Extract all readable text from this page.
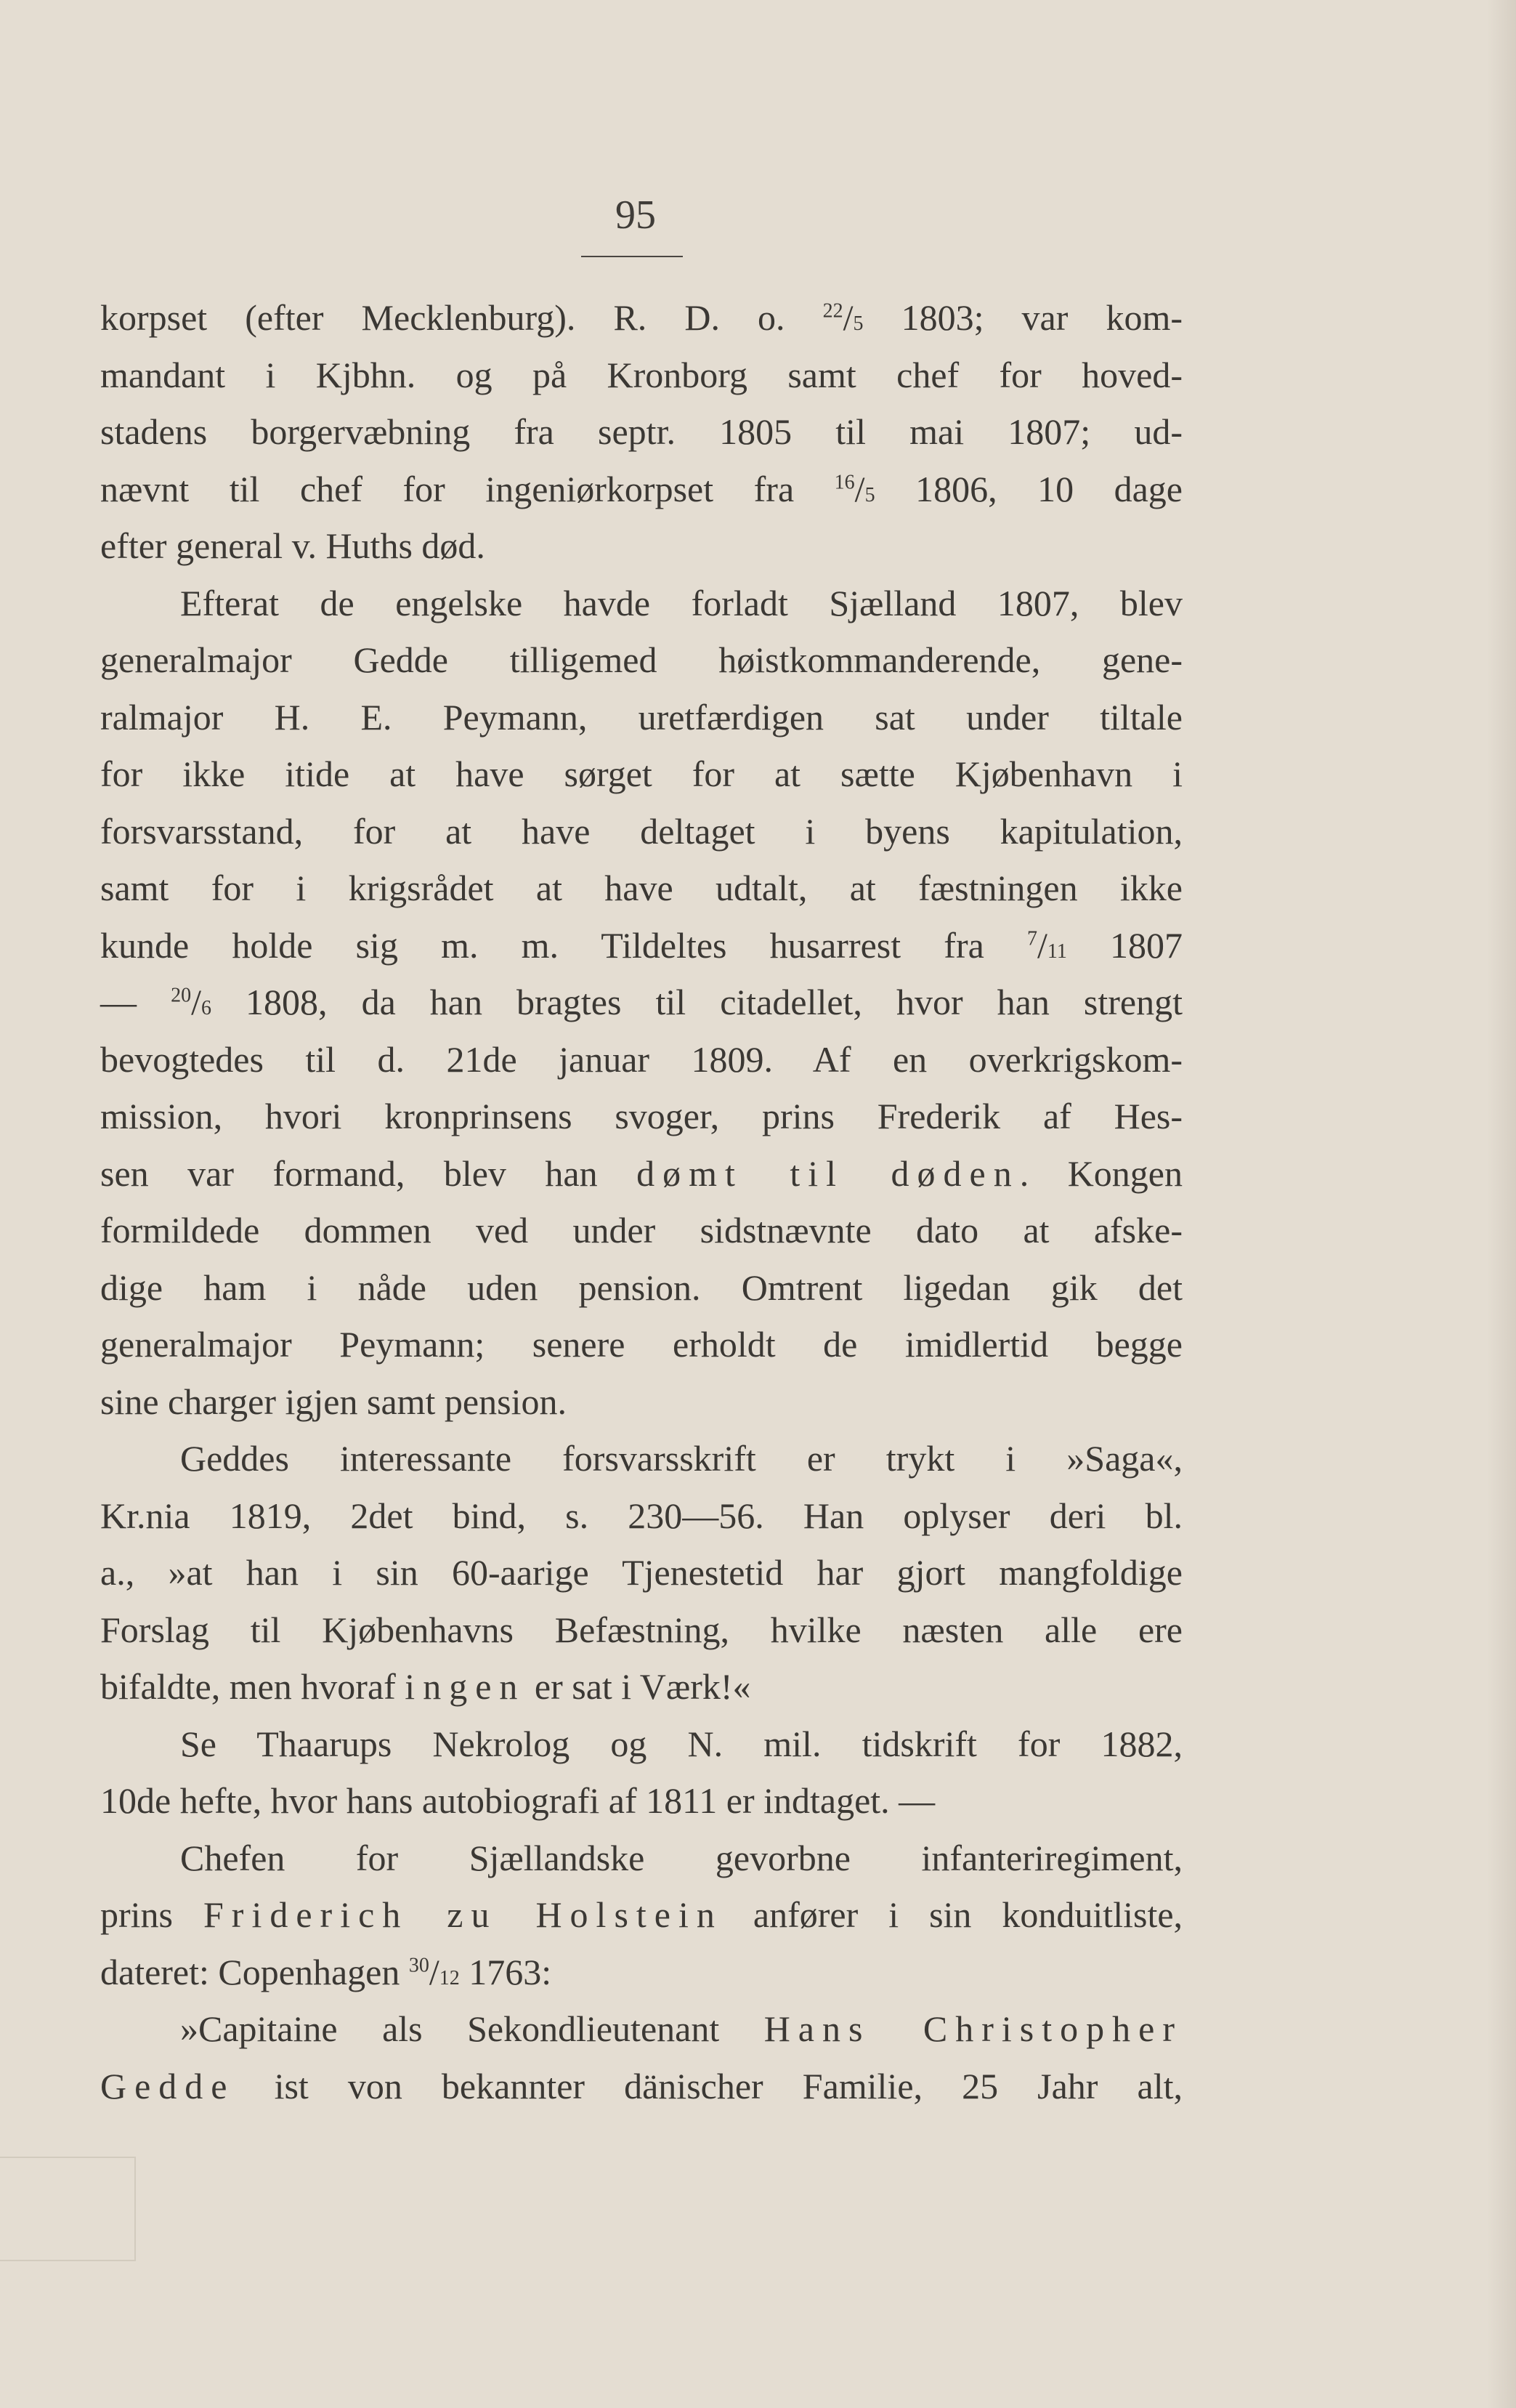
95
korpset (efter Mecklenburg). R. D. o. $^{22}$/5 1803; var kom-
mandant i Kjbhn. og på Kronborg samt chef for hoved-
stadens borgervæbning fra septr. 1805 til mai 1807; ud-
nævnt til chef for ingeniørkorpset fra $^{16}$/5 1806, 10 dage
efter general v. Huths død.
Efterat de engelske havde forladt Sjælland 1807, blev
generalmajor Gedde tilligemed høistkommanderende, gene-
ralmajor H. E. Peymann, uretfærdigen sat under tiltale
for ikke itide at have sørget for at sætte Kjøbenhavn i
forsvarsstand, for at have deltaget i byens kapitulation,
samt for i krigsrådet at have udtalt, at fæstningen ikke
kunde holde sig m. m. Tildeltes husarrest fra $^7$/11 1807
— $^{20}$/6 1808, da han bragtes til citadellet, hvor han strengt
bevogtedes til d. 21de januar 1809. Af en overkrigskom-
mission, hvori kronprinsens svoger, prins Frederik af Hes-
sen var formand, blev han dømt til døden. Kongen
formildede dommen ved under sidstnævnte dato at afske-
dige ham i nåde uden pension. Omtrent ligedan gik det
generalmajor Peymann; senere erholdt de imidlertid begge
sine charger igjen samt pension.
Geddes interessante forsvarsskrift er trykt i »Saga«,
Kr.nia 1819, 2det bind, s. 230—56. Han oplyser deri bl.
a., »at han i sin 60-aarige Tjenestetid har gjort mangfoldige
Forslag til Kjøbenhavns Befæstning, hvilke næsten alle ere
bifaldte, men hvoraf ingen er sat i Værk!«
Se Thaarups Nekrolog og N. mil. tidskrift for 1882,
10de hefte, hvor hans autobiografi af 1811 er indtaget. —
Chefen for Sjællandske gevorbne infanteriregiment,
prins Friderich zu Holstein anfører i sin konduitliste,
dateret: Copenhagen $^{30}$/12 1763:
»Capitaine als Sekondlieutenant Hans Christopher
Gedde ist von bekannter dänischer Familie, 25 Jahr alt,
